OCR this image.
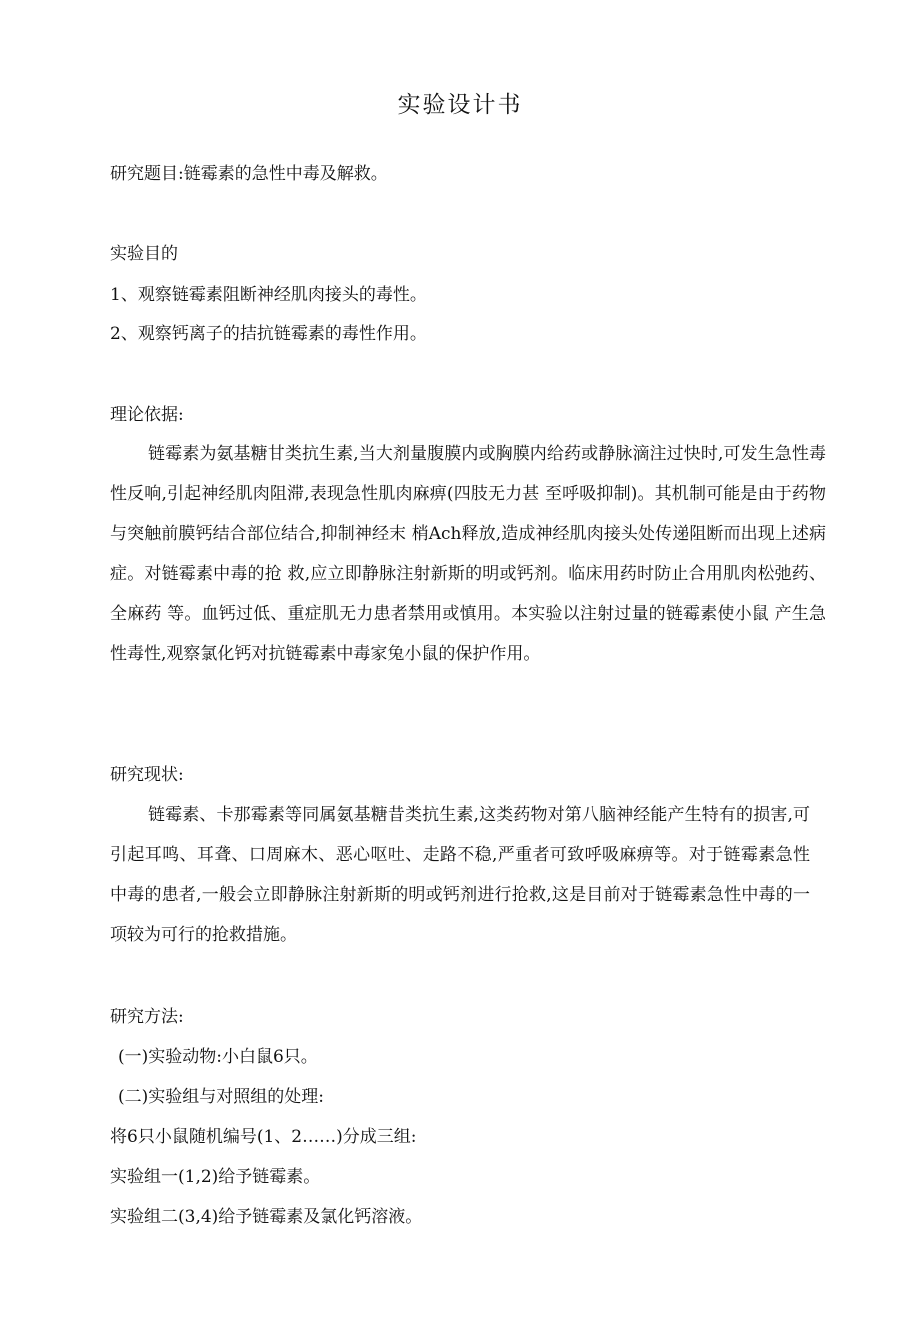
实验设计书
研究题目:链霉素的急性中毒及解救。
实验目的
1、观察链霉素阻断神经肌肉接头的毒性。
2、观察钙离子的拮抗链霉素的毒性作用。
理论依据:
链霉素为氨基糖甘类抗生素,当大剂量腹膜内或胸膜内给药或静脉滴注过快时,可发生急性毒性反响,引起神经肌肉阻滞,表现急性肌肉麻痹(四肢无力甚 至呼吸抑制)。其机制可能是由于药物与突触前膜钙结合部位结合,抑制神经末 梢Ach释放,造成神经肌肉接头处传递阻断而出现上述病症。对链霉素中毒的抢 救,应立即静脉注射新斯的明或钙剂。临床用药时防止合用肌肉松弛药、全麻药 等。血钙过低、重症肌无力患者禁用或慎用。本实验以注射过量的链霉素使小鼠 产生急性毒性,观察氯化钙对抗链霉素中毒家兔小鼠的保护作用。
研究现状:
链霉素、卡那霉素等同属氨基糖昔类抗生素,这类药物对第八脑神经能产生特有的损害,可引起耳鸣、耳聋、口周麻木、恶心呕吐、走路不稳,严重者可致呼吸麻痹等。对于链霉素急性中毒的患者,一般会立即静脉注射新斯的明或钙剂进行抢救,这是目前对于链霉素急性中毒的一项较为可行的抢救措施。
研究方法:
(一)实验动物:小白鼠6只。
(二)实验组与对照组的处理:
将6只小鼠随机编号(1、2……)分成三组:
实验组一(1,2)给予链霉素。
实验组二(3,4)给予链霉素及氯化钙溶液。
